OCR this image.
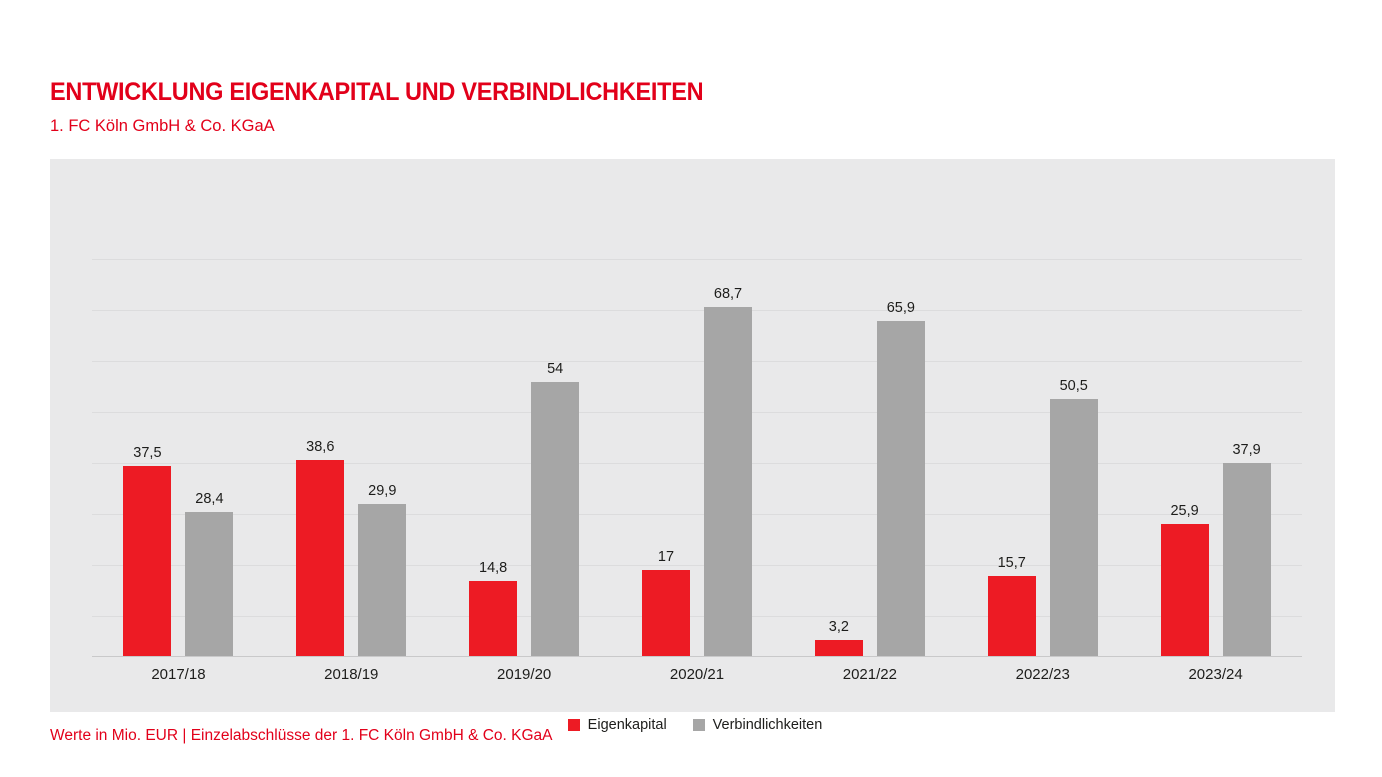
ENTWICKLUNG EIGENKAPITAL UND VERBINDLICHKEITEN
1. FC Köln GmbH & Co. KGaA
37,5
28,4
38,6
29,9
14,8
54
17
68,7
3,2
65,9
15,7
50,5
25,9
37,9
2017/18	2018/19	2019/20	2020/21	2021/22	2022/23	2023/24
Eigenkapital	Verbindlichkeiten
Werte in Mio. EUR | Einzelabschlüsse der 1. FC Köln GmbH & Co. KGaA
